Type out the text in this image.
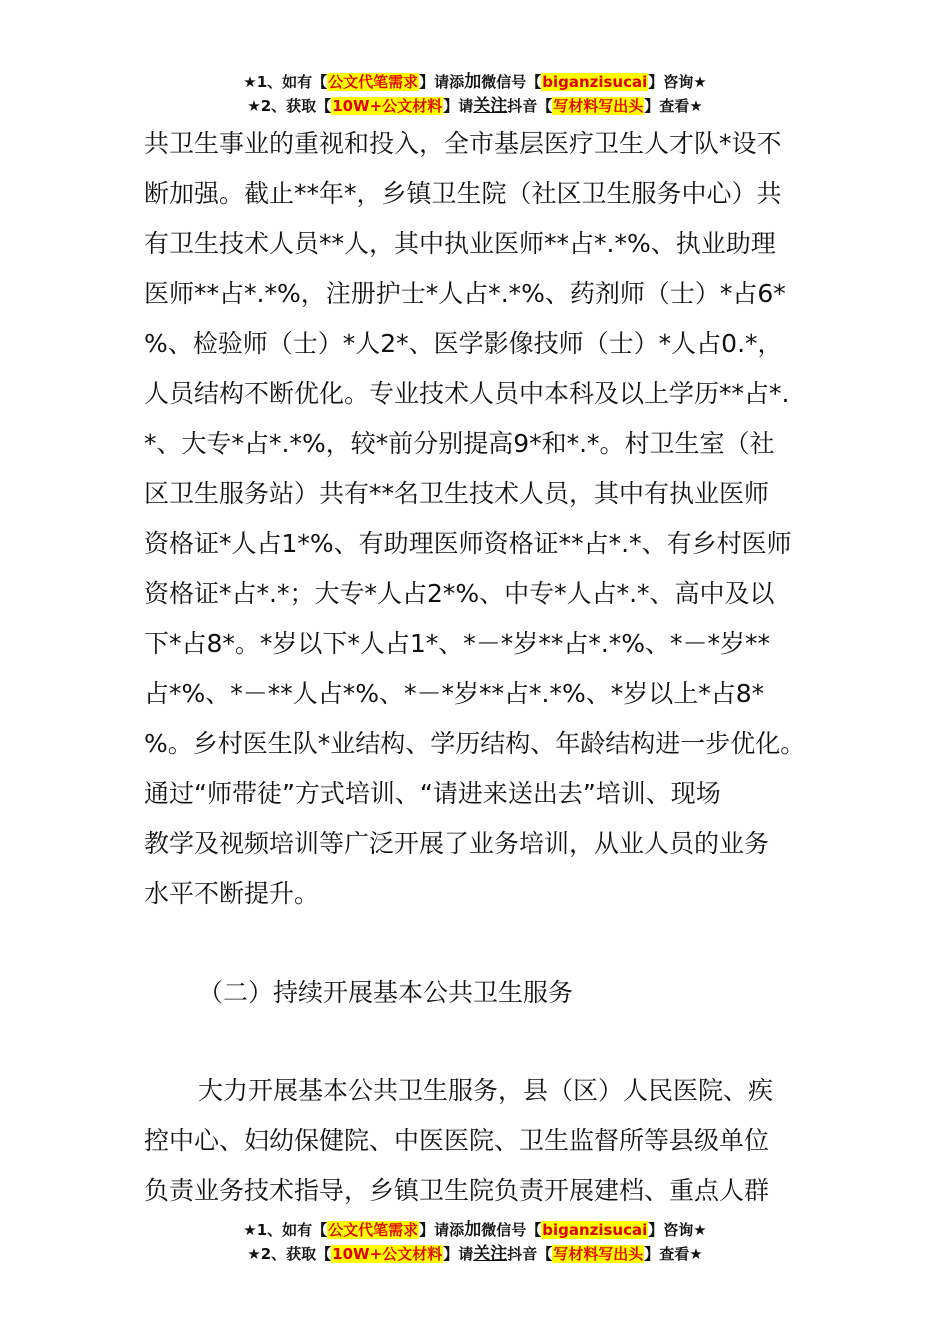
★1、如有【公文代笔需求】请添加微信号【biganzisucai】咨询★
★2、获取【10W+公文材料】请关注抖音【写材料写出头】查看★
共卫生事业的重视和投入，全市基层医疗卫生人才队*设不
断加强。截止**年*，乡镇卫生院（社区卫生服务中心）共
有卫生技术人员**人，其中执业医师**占*.*%、执业助理
医师**占*.*%，注册护士*人占*.*%、药剂师（士）*占6*
%、检验师（士）*人2*、医学影像技师（士）*人占0.*，
人员结构不断优化。专业技术人员中本科及以上学历**占*.
*、大专*占*.*%，较*前分别提高9*和*.*。村卫生室（社
区卫生服务站）共有**名卫生技术人员，其中有执业医师
资格证*人占1*%、有助理医师资格证**占*.*、有乡村医师
资格证*占*.*；大专*人占2*%、中专*人占*.*、高中及以
下*占8*。*岁以下*人占1*、*－*岁**占*.*%、*－*岁**
占*%、*－**人占*%、*－*岁**占*.*%、*岁以上*占8*
%。乡村医生队*业结构、学历结构、年龄结构进一步优化。
通过“师带徒”方式培训、“请进来送出去”培训、现场
教学及视频培训等广泛开展了业务培训，从业人员的业务
水平不断提升。
（二）持续开展基本公共卫生服务
大力开展基本公共卫生服务，县（区）人民医院、疾
控中心、妇幼保健院、中医医院、卫生监督所等县级单位
负责业务技术指导，乡镇卫生院负责开展建档、重点人群
★1、如有【公文代笔需求】请添加微信号【biganzisucai】咨询★
★2、获取【10W+公文材料】请关注抖音【写材料写出头】查看★
